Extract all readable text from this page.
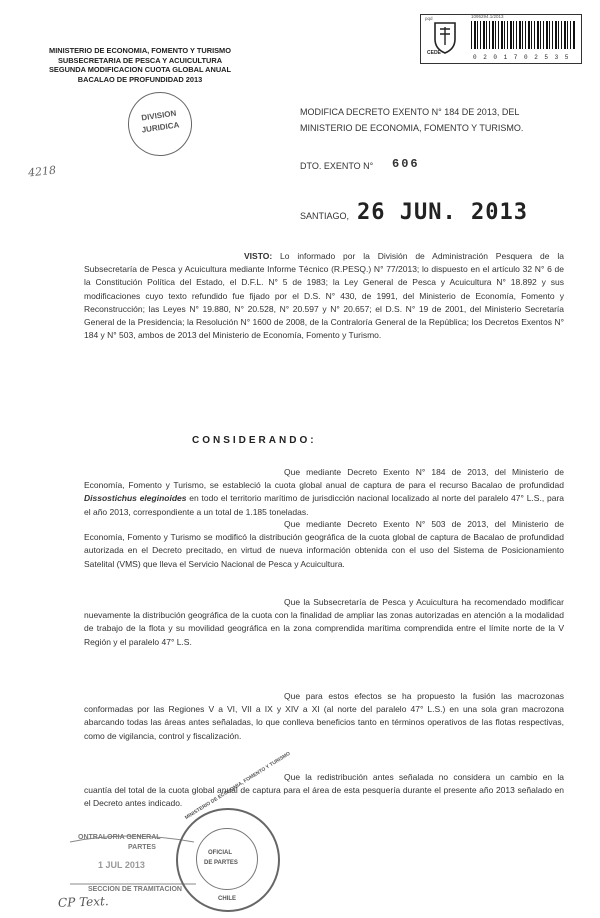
MINISTERIO DE ECONOMIA, FOMENTO Y TURISMO
SUBSECRETARIA DE PESCA Y ACUICULTURA
SEGUNDA MODIFICACION CUOTA GLOBAL ANUAL
BACALAO DE PROFUNDIDAD 2013
DIVISION
JURIDICA
pqd	1095294.1/2013
CEDE
0 2 0 1 7 0 2 5 3 5
4218
MODIFICA DECRETO EXENTO N° 184 DE 2013, DEL MINISTERIO DE ECONOMIA, FOMENTO Y TURISMO.
DTO. EXENTO N° 606
SANTIAGO, 26 JUN. 2013
VISTO: Lo informado por la División de Administración Pesquera de la Subsecretaría de Pesca y Acuicultura mediante Informe Técnico (R.PESQ.) N° 77/2013; lo dispuesto en el artículo 32 N° 6 de la Constitución Política del Estado, el D.F.L. N° 5 de 1983; la Ley General de Pesca y Acuicultura N° 18.892 y sus modificaciones cuyo texto refundido fue fijado por el D.S. N° 430, de 1991, del Ministerio de Economía, Fomento y Reconstrucción; las Leyes N° 19.880, N° 20.528, N° 20.597 y N° 20.657; el D.S. N° 19 de 2001, del Ministerio Secretaría General de la Presidencia; la Resolución N° 1600 de 2008, de la Contraloría General de la República; los Decretos Exentos N° 184 y N° 503, ambos de 2013 del Ministerio de Economía, Fomento y Turismo.
CONSIDERANDO:
Que mediante Decreto Exento N° 184 de 2013, del Ministerio de Economía, Fomento y Turismo, se estableció la cuota global anual de captura de para el recurso Bacalao de profundidad Dissostichus eleginoides en todo el territorio marítimo de jurisdicción nacional localizado al norte del paralelo 47° L.S., para el año 2013, correspondiente a un total de 1.185 toneladas.
Que mediante Decreto Exento N° 503 de 2013, del Ministerio de Economía, Fomento y Turismo se modificó la distribución geográfica de la cuota global de captura de Bacalao de profundidad autorizada en el Decreto precitado, en virtud de nueva información obtenida con el uso del Sistema de Posicionamiento Satelital (VMS) que lleva el Servicio Nacional de Pesca y Acuicultura.
Que la Subsecretaría de Pesca y Acuicultura ha recomendado modificar nuevamente la distribución geográfica de la cuota con la finalidad de ampliar las zonas autorizadas en atención a la modalidad de trabajo de la flota y su movilidad geográfica en la zona comprendida marítima comprendida entre el límite norte de la V Región y el paralelo 47° L.S.
Que para estos efectos se ha propuesto la fusión las macrozonas conformadas por las Regiones V a VI, VII a IX y XIV a XI (al norte del paralelo 47° L.S.) en una sola gran macrozona abarcando todas las áreas antes señaladas, lo que conlleva beneficios tanto en términos operativos de las flotas respectivas, como de vigilancia, control y fiscalización.
Que la redistribución antes señalada no considera un cambio en la cuantía del total de la cuota global anual de captura para el área de esta pesquería durante el presente año 2013 señalado en el Decreto antes indicado.
ONTRALORIA GENERAL
PARTES
1 JUL 2013
SECCION DE TRAMITACION
MINISTERIO DE ECONOMIA, FOMENTO Y TURISMO
OFICIAL
DE PARTES
CHILE
CP Text.
